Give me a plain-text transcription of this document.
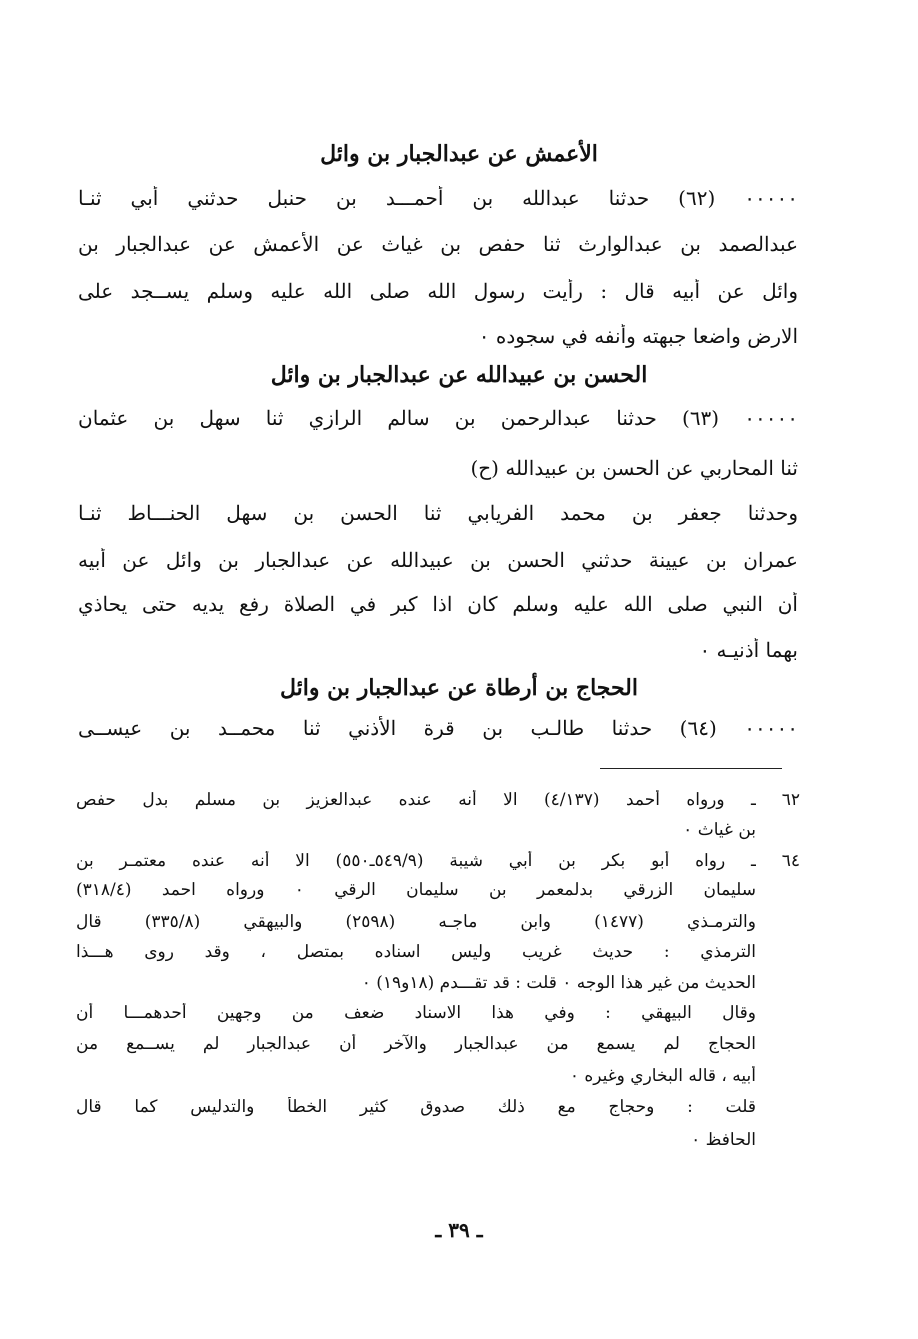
الأعمش عن عبدالجبار بن وائل
٠٠٠٠٠ (٦٢) حدثنا عبدالله بن أحمـــد بن حنبل حدثني أبي ثنـا
عبدالصمد بن عبدالوارث ثنا حفص بن غياث عن الأعمش عن عبدالجبار بن
وائل عن أبيه قال : رأيت رسول الله صلى الله عليه وسلم يســجد على
الارض واضعا جبهته وأنفه في سجوده ٠
الحسن بن عبيدالله عن عبدالجبار بن وائل
٠٠٠٠٠ (٦٣) حدثنا عبدالرحمن بن سالم الرازي ثنا سهل بن عثمان
ثنا المحاربي عن الحسن بن عبيدالله (ح)
وحدثنا جعفر بن محمد الفريابي ثنا الحسن بن سهل الحنـــاط ثنـا
عمران بن عيينة حدثني الحسن بن عبيدالله عن عبدالجبار بن وائل عن أبيه
أن النبي صلى الله عليه وسلم كان اذا كبر في الصلاة رفع يديه حتى يحاذي
بهما أذنيـه ٠
الحجاج بن أرطاة عن عبدالجبار بن وائل
٠٠٠٠٠ (٦٤) حدثنا طالـب بن قرة الأذني ثنا محمــد بن عيســى
٦٢
ـ ورواه أحمد (٤/١٣٧) الا أنه عنده عبدالعزيز بن مسلم بدل حفص
بن غياث ٠
٦٤
ـ رواه أبو بكر بن أبي شيبة (٥٤٩/٩ـ٥٥٠) الا أنه عنده معتمـر بن
سليمان الزرقي بدلمعمر بن سليمان الرقي ٠ ورواه احمد (٣١٨/٤)
والترمـذي (١٤٧٧) وابن ماجـه (٢٥٩٨) والبيهقي (٣٣٥/٨) قال
الترمذي : حديث غريب وليس اسناده بمتصل ، وقد روى هـــذا
الحديث من غير هذا الوجه ٠ قلت : قد تقـــدم (١٨و١٩) ٠
وقال البيهقي : وفي هذا الاسناد ضعف من وجهين أحدهمـــا أن
الحجاج لم يسمع من عبدالجبار والآخر أن عبدالجبار لم يســمع من
أبيه ، قاله البخاري وغيره ٠
قلت : وحجاج مع ذلك صدوق كثير الخطأ والتدليس كما قال
الحافظ ٠
ـ ٣٩ ـ
